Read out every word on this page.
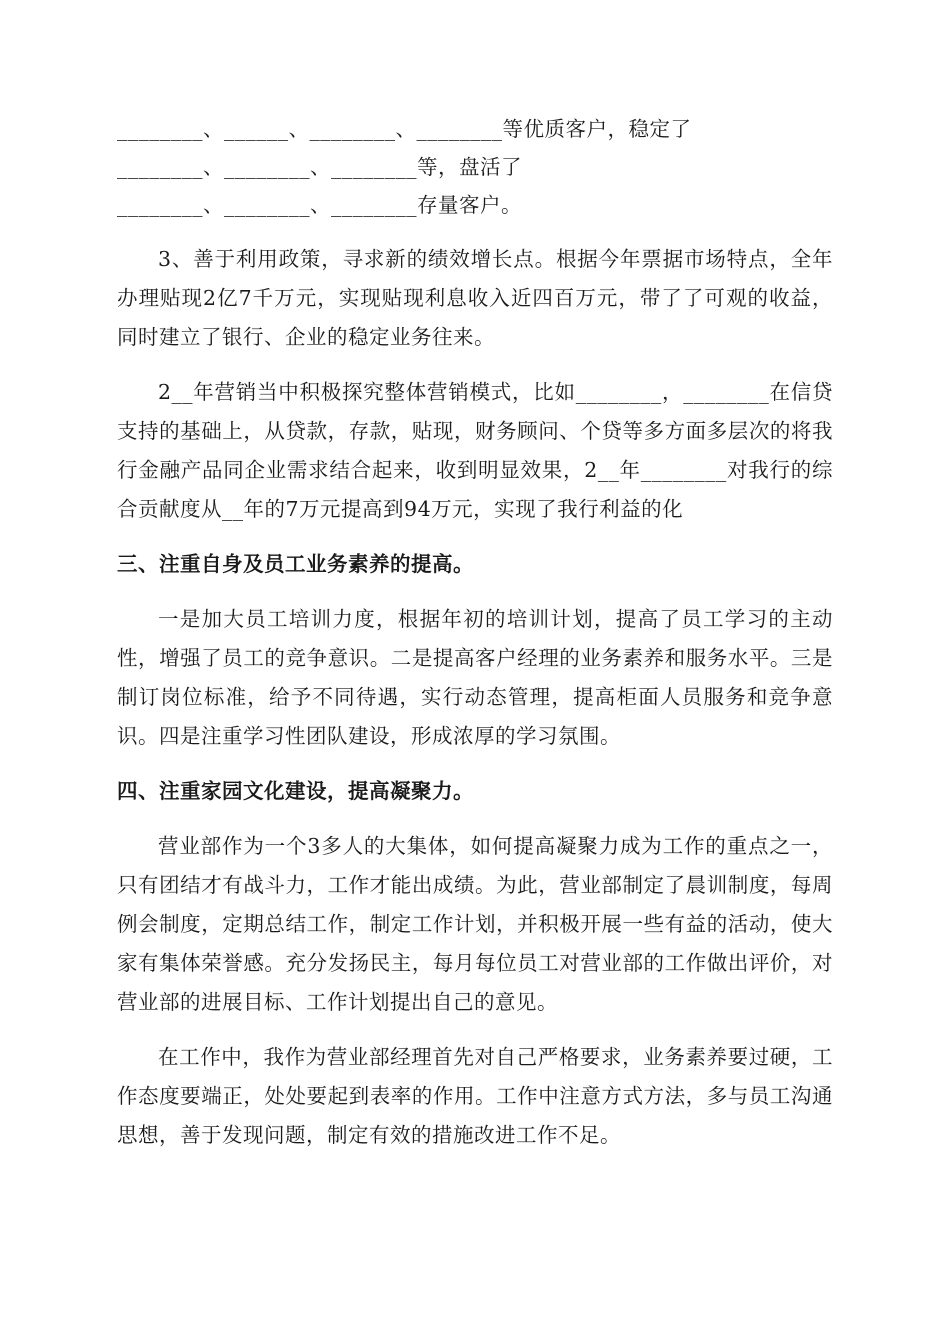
________、______、________、________等优质客户，稳定了
________、________、________等，盘活了
________、________、________存量客户。
3、善于利用政策，寻求新的绩效增长点。根据今年票据市场特点，全年办理贴现2亿7千万元，实现贴现利息收入近四百万元，带了了可观的收益，同时建立了银行、企业的稳定业务往来。
2__年营销当中积极探究整体营销模式，比如________，________在信贷支持的基础上，从贷款，存款，贴现，财务顾问、个贷等多方面多层次的将我行金融产品同企业需求结合起来，收到明显效果，2__年________对我行的综合贡献度从__年的7万元提高到94万元，实现了我行利益的化
三、注重自身及员工业务素养的提高。
一是加大员工培训力度，根据年初的培训计划，提高了员工学习的主动性，增强了员工的竞争意识。二是提高客户经理的业务素养和服务水平。三是制订岗位标准，给予不同待遇，实行动态管理，提高柜面人员服务和竞争意识。四是注重学习性团队建设，形成浓厚的学习氛围。
四、注重家园文化建设，提高凝聚力。
营业部作为一个3多人的大集体，如何提高凝聚力成为工作的重点之一，只有团结才有战斗力，工作才能出成绩。为此，营业部制定了晨训制度，每周例会制度，定期总结工作，制定工作计划，并积极开展一些有益的活动，使大家有集体荣誉感。充分发扬民主，每月每位员工对营业部的工作做出评价，对营业部的进展目标、工作计划提出自己的意见。
在工作中，我作为营业部经理首先对自己严格要求，业务素养要过硬，工作态度要端正，处处要起到表率的作用。工作中注意方式方法，多与员工沟通思想，善于发现问题，制定有效的措施改进工作不足。
